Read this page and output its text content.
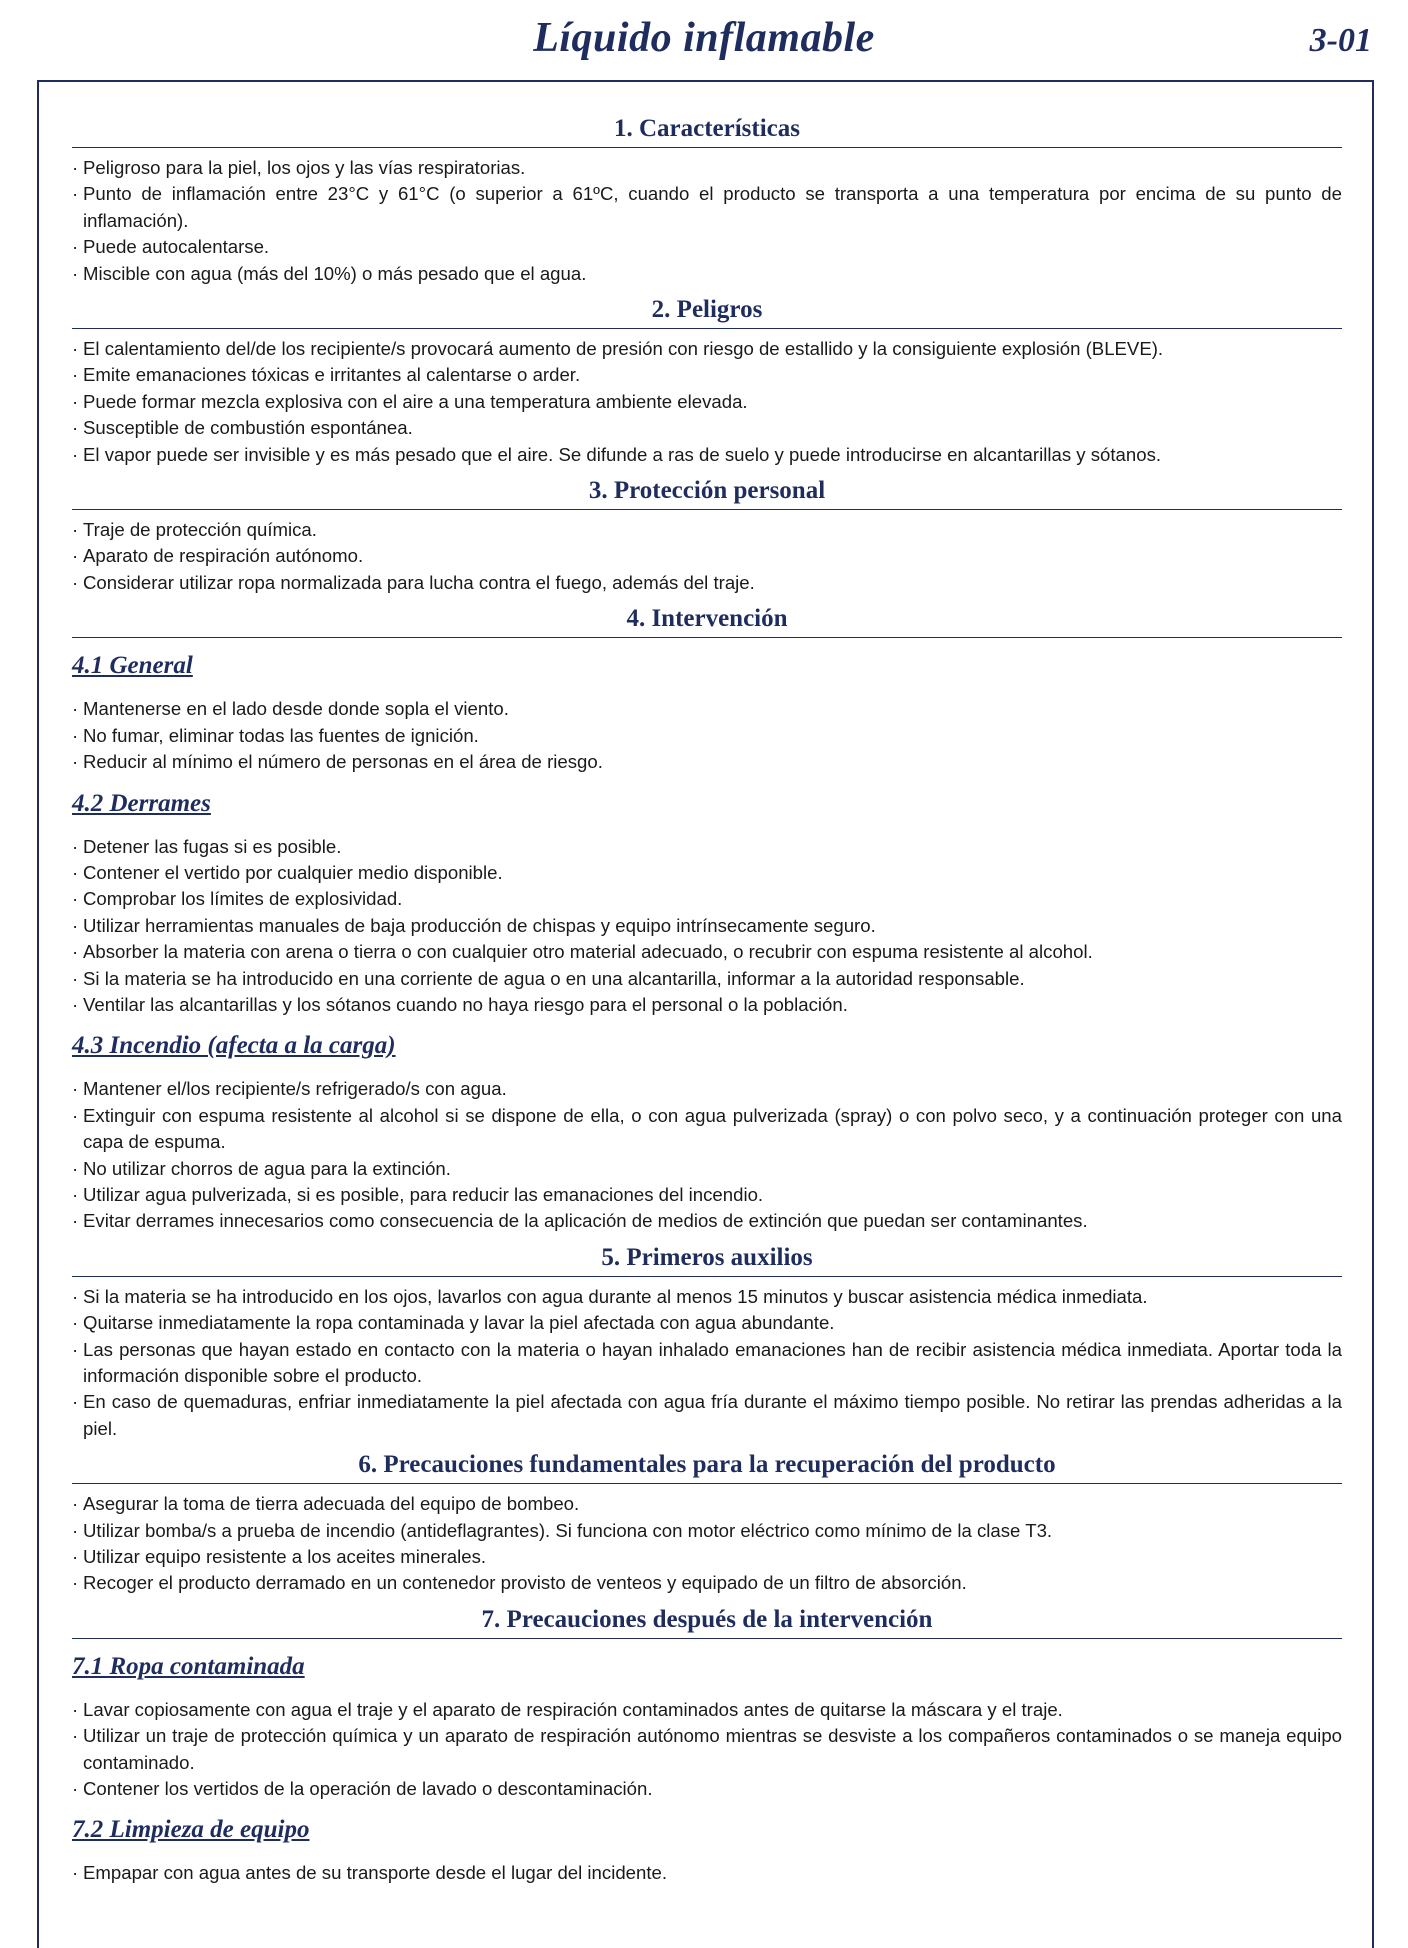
Líquido inflamable	3-01
1. Características
· Peligroso para la piel, los ojos y las vías respiratorias.
· Punto de inflamación entre 23°C y 61°C (o superior a 61ºC, cuando el producto se transporta a una temperatura por encima de su punto de inflamación).
· Puede autocalentarse.
· Miscible con agua (más del 10%) o más pesado que el agua.
2. Peligros
· El calentamiento del/de los recipiente/s provocará aumento de presión con riesgo de estallido y la consiguiente explosión (BLEVE).
· Emite emanaciones tóxicas e irritantes al calentarse o arder.
· Puede formar mezcla explosiva con el aire a una temperatura ambiente elevada.
· Susceptible de combustión espontánea.
· El vapor puede ser invisible y es más pesado que el aire. Se difunde a ras de suelo y puede introducirse en alcantarillas y sótanos.
3. Protección personal
· Traje de protección química.
· Aparato de respiración autónomo.
· Considerar utilizar ropa normalizada para lucha contra el fuego, además del traje.
4. Intervención
4.1 General
· Mantenerse en el lado desde donde sopla el viento.
· No fumar, eliminar todas las fuentes de ignición.
· Reducir al mínimo el número de personas en el área de riesgo.
4.2 Derrames
· Detener las fugas si es posible.
· Contener el vertido por cualquier medio disponible.
· Comprobar los límites de explosividad.
· Utilizar herramientas manuales de baja producción de chispas y equipo intrínsecamente seguro.
· Absorber la materia con arena o tierra o con cualquier otro material adecuado, o recubrir con espuma resistente al alcohol.
· Si la materia se ha introducido en una corriente de agua o en una alcantarilla, informar a la autoridad responsable.
· Ventilar las alcantarillas y los sótanos cuando no haya riesgo para el personal o la población.
4.3 Incendio (afecta a la carga)
· Mantener el/los recipiente/s refrigerado/s con agua.
· Extinguir con espuma resistente al alcohol si se dispone de ella, o con agua pulverizada (spray) o con polvo seco, y a continuación proteger con una capa de espuma.
· No utilizar chorros de agua para la extinción.
· Utilizar agua pulverizada, si es posible, para reducir las emanaciones del incendio.
· Evitar derrames innecesarios como consecuencia de la aplicación de medios de extinción que puedan ser contaminantes.
5. Primeros auxilios
· Si la materia se ha introducido en los ojos, lavarlos con agua durante al menos 15 minutos y buscar asistencia médica inmediata.
· Quitarse inmediatamente la ropa contaminada y lavar la piel afectada con agua abundante.
· Las personas que hayan estado en contacto con la materia o hayan inhalado emanaciones han de recibir asistencia médica inmediata. Aportar toda la información disponible sobre el producto.
· En caso de quemaduras, enfriar inmediatamente la piel afectada con agua fría durante el máximo tiempo posible. No retirar las prendas adheridas a la piel.
6. Precauciones fundamentales para la recuperación del producto
· Asegurar la toma de tierra adecuada del equipo de bombeo.
· Utilizar bomba/s a prueba de incendio (antideflagrantes). Si funciona con motor eléctrico como mínimo de la clase T3.
· Utilizar equipo resistente a los aceites minerales.
· Recoger el producto derramado en un contenedor provisto de venteos y equipado de un filtro de absorción.
7. Precauciones después de la intervención
7.1 Ropa contaminada
· Lavar copiosamente con agua el traje y el aparato de respiración contaminados antes de quitarse la máscara y el traje.
· Utilizar un traje de protección química y un aparato de respiración autónomo mientras se desviste a los compañeros contaminados o se maneja equipo contaminado.
· Contener los vertidos de la operación de lavado o descontaminación.
7.2 Limpieza de equipo
· Empapar con agua antes de su transporte desde el lugar del incidente.
